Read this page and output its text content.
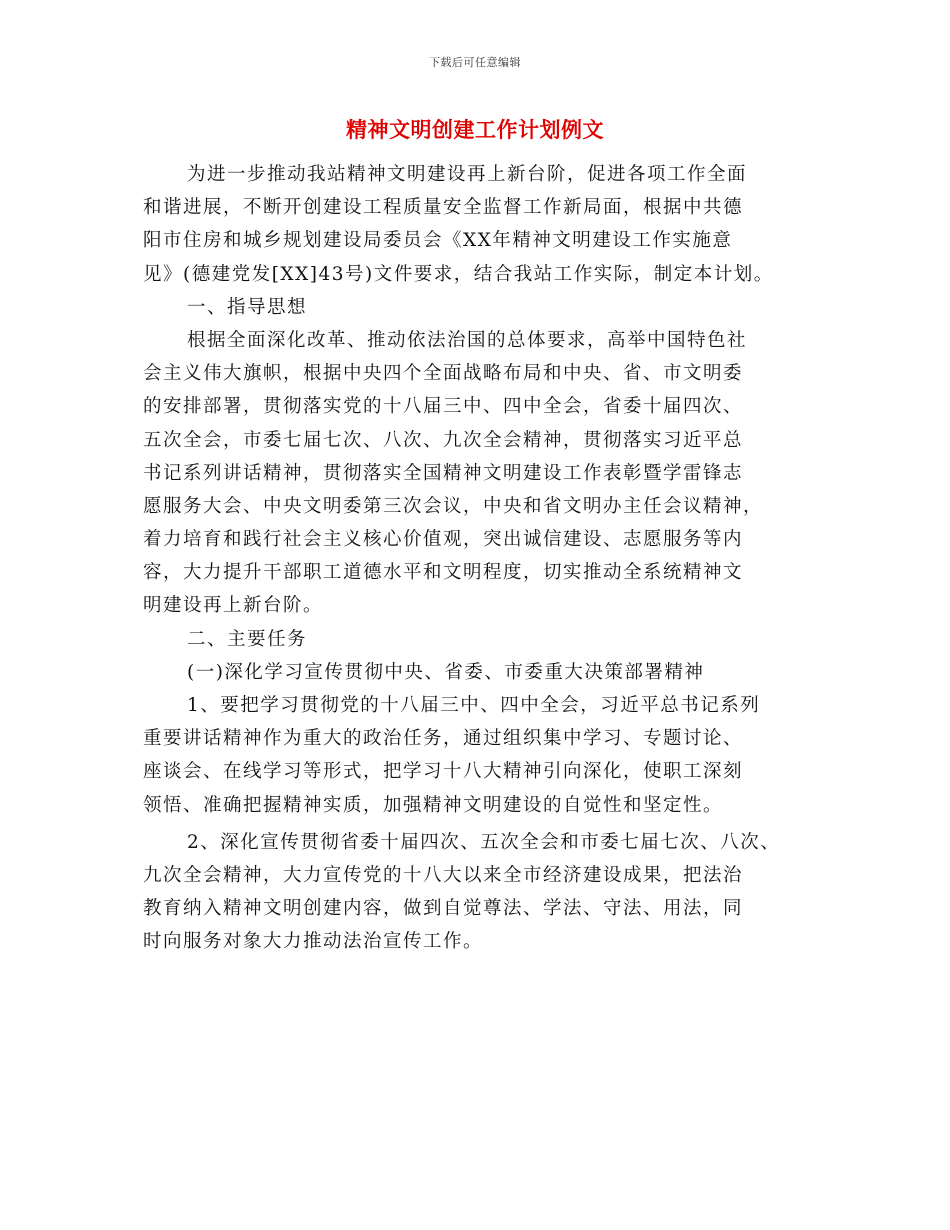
下载后可任意编辑
精神文明创建工作计划例文
为进一步推动我站精神文明建设再上新台阶，促进各项工作全面
和谐进展，不断开创建设工程质量安全监督工作新局面，根据中共德
阳市住房和城乡规划建设局委员会《XX年精神文明建设工作实施意
见》(德建党发[XX]43号)文件要求，结合我站工作实际，制定本计划。
一、指导思想
根据全面深化改革、推动依法治国的总体要求，高举中国特色社
会主义伟大旗帜，根据中央四个全面战略布局和中央、省、市文明委
的安排部署，贯彻落实党的十八届三中、四中全会，省委十届四次、
五次全会，市委七届七次、八次、九次全会精神，贯彻落实习近平总
书记系列讲话精神，贯彻落实全国精神文明建设工作表彰暨学雷锋志
愿服务大会、中央文明委第三次会议，中央和省文明办主任会议精神，
着力培育和践行社会主义核心价值观，突出诚信建设、志愿服务等内
容，大力提升干部职工道德水平和文明程度，切实推动全系统精神文
明建设再上新台阶。
二、主要任务
(一)深化学习宣传贯彻中央、省委、市委重大决策部署精神
1、要把学习贯彻党的十八届三中、四中全会，习近平总书记系列
重要讲话精神作为重大的政治任务，通过组织集中学习、专题讨论、
座谈会、在线学习等形式，把学习十八大精神引向深化，使职工深刻
领悟、准确把握精神实质，加强精神文明建设的自觉性和坚定性。
2、深化宣传贯彻省委十届四次、五次全会和市委七届七次、八次、
九次全会精神，大力宣传党的十八大以来全市经济建设成果，把法治
教育纳入精神文明创建内容，做到自觉尊法、学法、守法、用法，同
时向服务对象大力推动法治宣传工作。
